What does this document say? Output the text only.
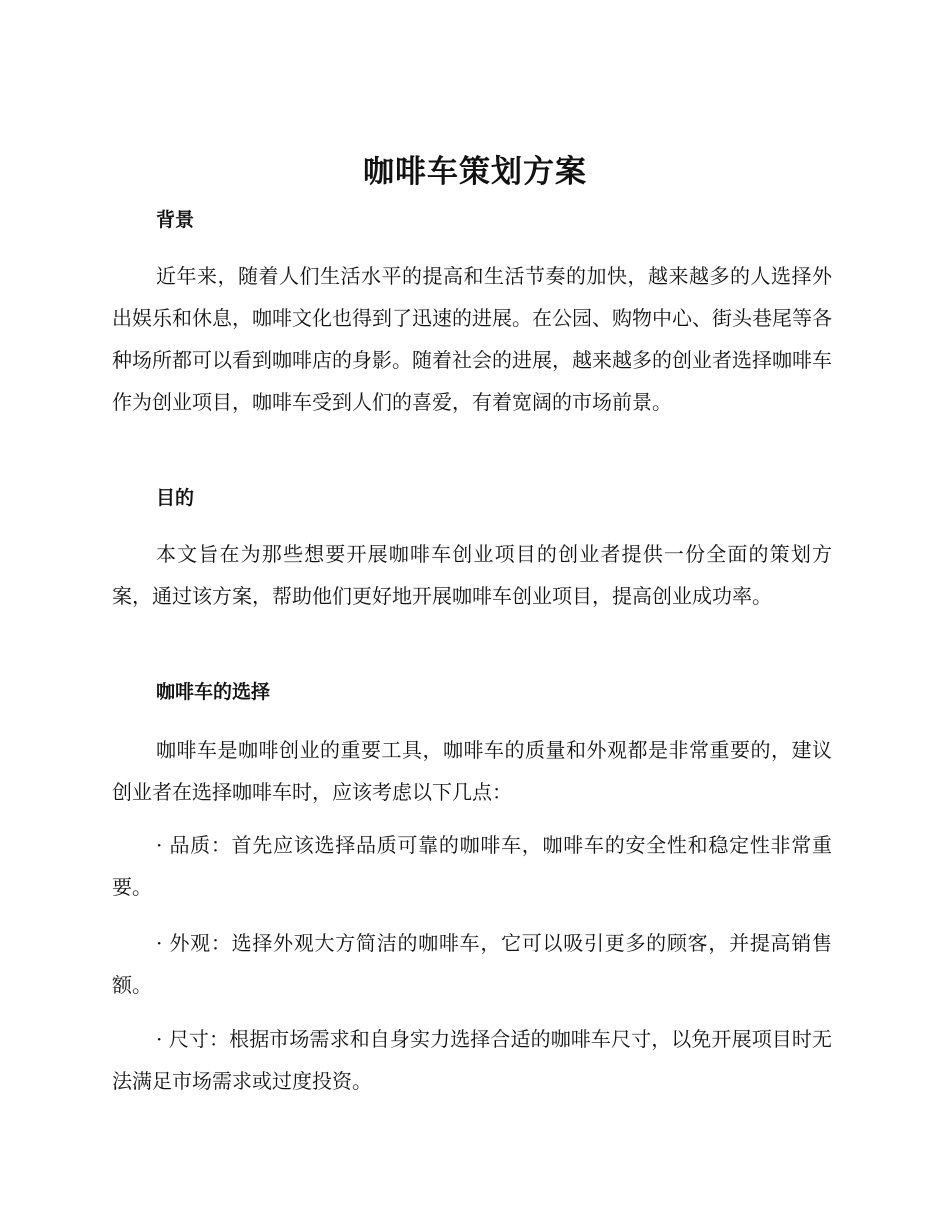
咖啡车策划方案
背景

近年来，随着人们生活水平的提高和生活节奏的加快，越来越多的人选择外出娱乐和休息，咖啡文化也得到了迅速的进展。在公园、购物中心、街头巷尾等各种场所都可以看到咖啡店的身影。随着社会的进展，越来越多的创业者选择咖啡车作为创业项目，咖啡车受到人们的喜爱，有着宽阔的市场前景。

目的

本文旨在为那些想要开展咖啡车创业项目的创业者提供一份全面的策划方案，通过该方案，帮助他们更好地开展咖啡车创业项目，提高创业成功率。

咖啡车的选择

咖啡车是咖啡创业的重要工具，咖啡车的质量和外观都是非常重要的，建议创业者在选择咖啡车时，应该考虑以下几点：

· 品质：首先应该选择品质可靠的咖啡车，咖啡车的安全性和稳定性非常重要。

· 外观：选择外观大方简洁的咖啡车，它可以吸引更多的顾客，并提高销售额。

· 尺寸：根据市场需求和自身实力选择合适的咖啡车尺寸，以免开展项目时无法满足市场需求或过度投资。
